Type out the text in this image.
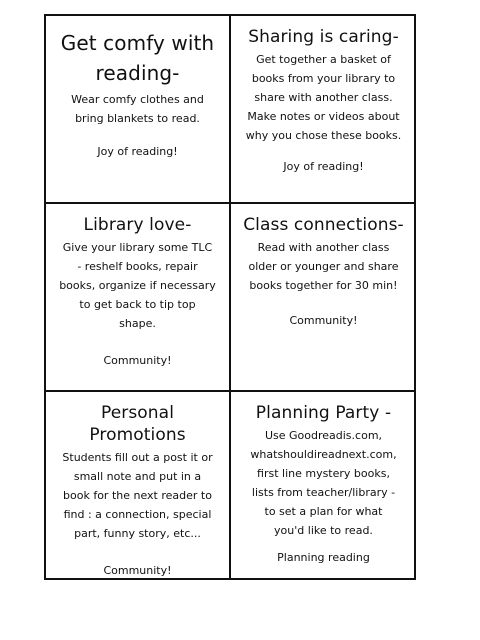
Get comfy with reading-
Wear comfy clothes and
bring blankets to read.
Joy of reading!
Sharing is caring-
Get together a basket of
books from your library to
share with another class.
Make notes or videos about
why you chose these books.
Joy of reading!
Library love-
Give your library some TLC
- reshelf books, repair
books, organize if necessary
to get back to tip top
shape.
Community!
Class connections-
Read with another class
older or younger and share
books together for 30 min!
Community!
Personal Promotions
Students fill out a post it or
small note and put in a
book for the next reader to
find : a connection, special
part, funny story, etc...
Community!
Planning Party -
Use Goodreadis.com,
whatshouldireadnext.com,
first line mystery books,
lists from teacher/library -
to set a plan for what
you'd like to read.
Planning reading
